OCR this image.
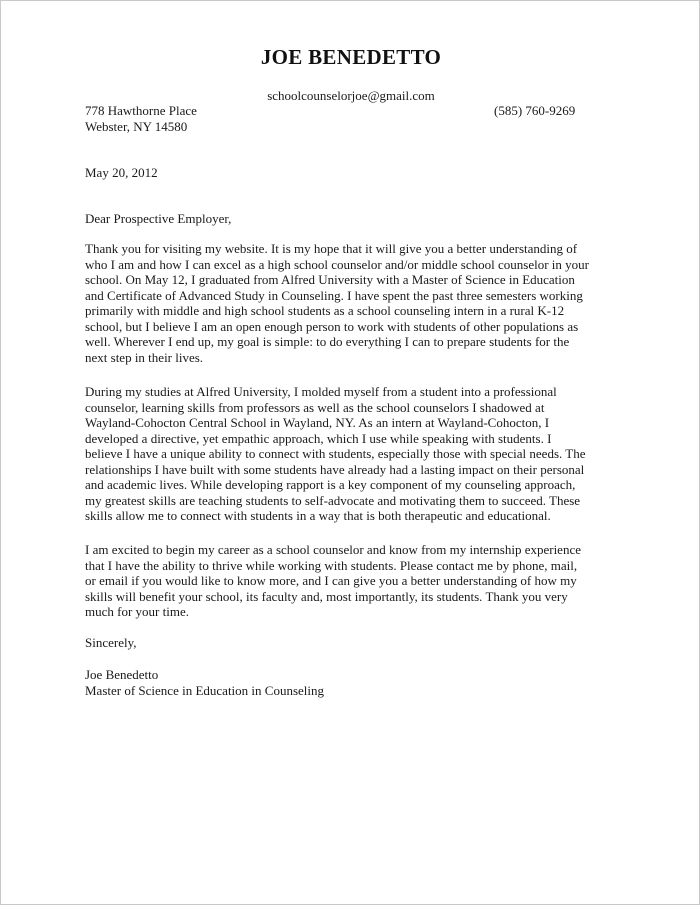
JOE BENEDETTO
schoolcounselorjoe@gmail.com
778 Hawthorne Place
Webster, NY 14580
(585) 760-9269
May 20, 2012
Dear Prospective Employer,
Thank you for visiting my website. It is my hope that it will give you a better understanding of
who I am and how I can excel as a high school counselor and/or middle school counselor in your
school. On May 12, I graduated from Alfred University with a Master of Science in Education
and Certificate of Advanced Study in Counseling. I have spent the past three semesters working
primarily with middle and high school students as a school counseling intern in a rural K-12
school, but I believe I am an open enough person to work with students of other populations as
well. Wherever I end up, my goal is simple: to do everything I can to prepare students for the
next step in their lives.
During my studies at Alfred University, I molded myself from a student into a professional
counselor, learning skills from professors as well as the school counselors I shadowed at
Wayland-Cohocton Central School in Wayland, NY. As an intern at Wayland-Cohocton, I
developed a directive, yet empathic approach, which I use while speaking with students. I
believe I have a unique ability to connect with students, especially those with special needs. The
relationships I have built with some students have already had a lasting impact on their personal
and academic lives. While developing rapport is a key component of my counseling approach,
my greatest skills are teaching students to self-advocate and motivating them to succeed. These
skills allow me to connect with students in a way that is both therapeutic and educational.
I am excited to begin my career as a school counselor and know from my internship experience
that I have the ability to thrive while working with students. Please contact me by phone, mail,
or email if you would like to know more, and I can give you a better understanding of how my
skills will benefit your school, its faculty and, most importantly, its students. Thank you very
much for your time.
Sincerely,
Joe Benedetto
Master of Science in Education in Counseling
